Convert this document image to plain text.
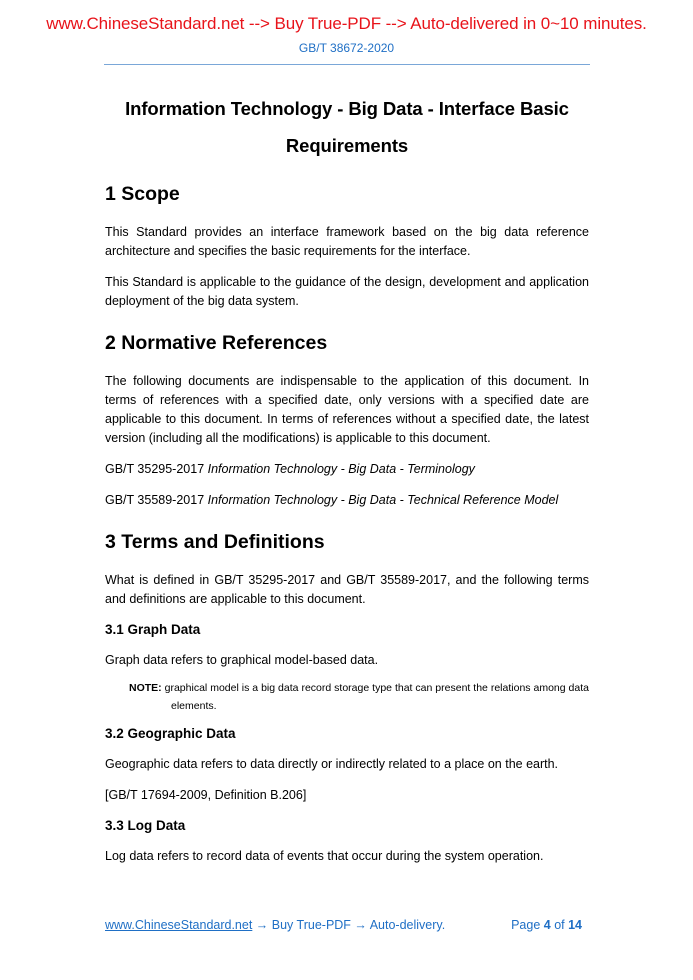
www.ChineseStandard.net --> Buy True-PDF --> Auto-delivered in 0~10 minutes.
GB/T 38672-2020
Information Technology - Big Data - Interface Basic
Requirements
1 Scope

This Standard provides an interface framework based on the big data reference architecture and specifies the basic requirements for the interface.

This Standard is applicable to the guidance of the design, development and application deployment of the big data system.

2 Normative References

The following documents are indispensable to the application of this document. In terms of references with a specified date, only versions with a specified date are applicable to this document. In terms of references without a specified date, the latest version (including all the modifications) is applicable to this document.

GB/T 35295-2017 Information Technology - Big Data - Terminology

GB/T 35589-2017 Information Technology - Big Data - Technical Reference Model

3 Terms and Definitions

What is defined in GB/T 35295-2017 and GB/T 35589-2017, and the following terms and definitions are applicable to this document.

3.1 Graph Data

Graph data refers to graphical model-based data.

NOTE: graphical model is a big data record storage type that can present the relations among data elements.
3.2 Geographic Data

Geographic data refers to data directly or indirectly related to a place on the earth.

[GB/T 17694-2009, Definition B.206]

3.3 Log Data

Log data refers to record data of events that occur during the system operation.

www.ChineseStandard.net → Buy True-PDF → Auto-delivery.	Page 4 of 14
